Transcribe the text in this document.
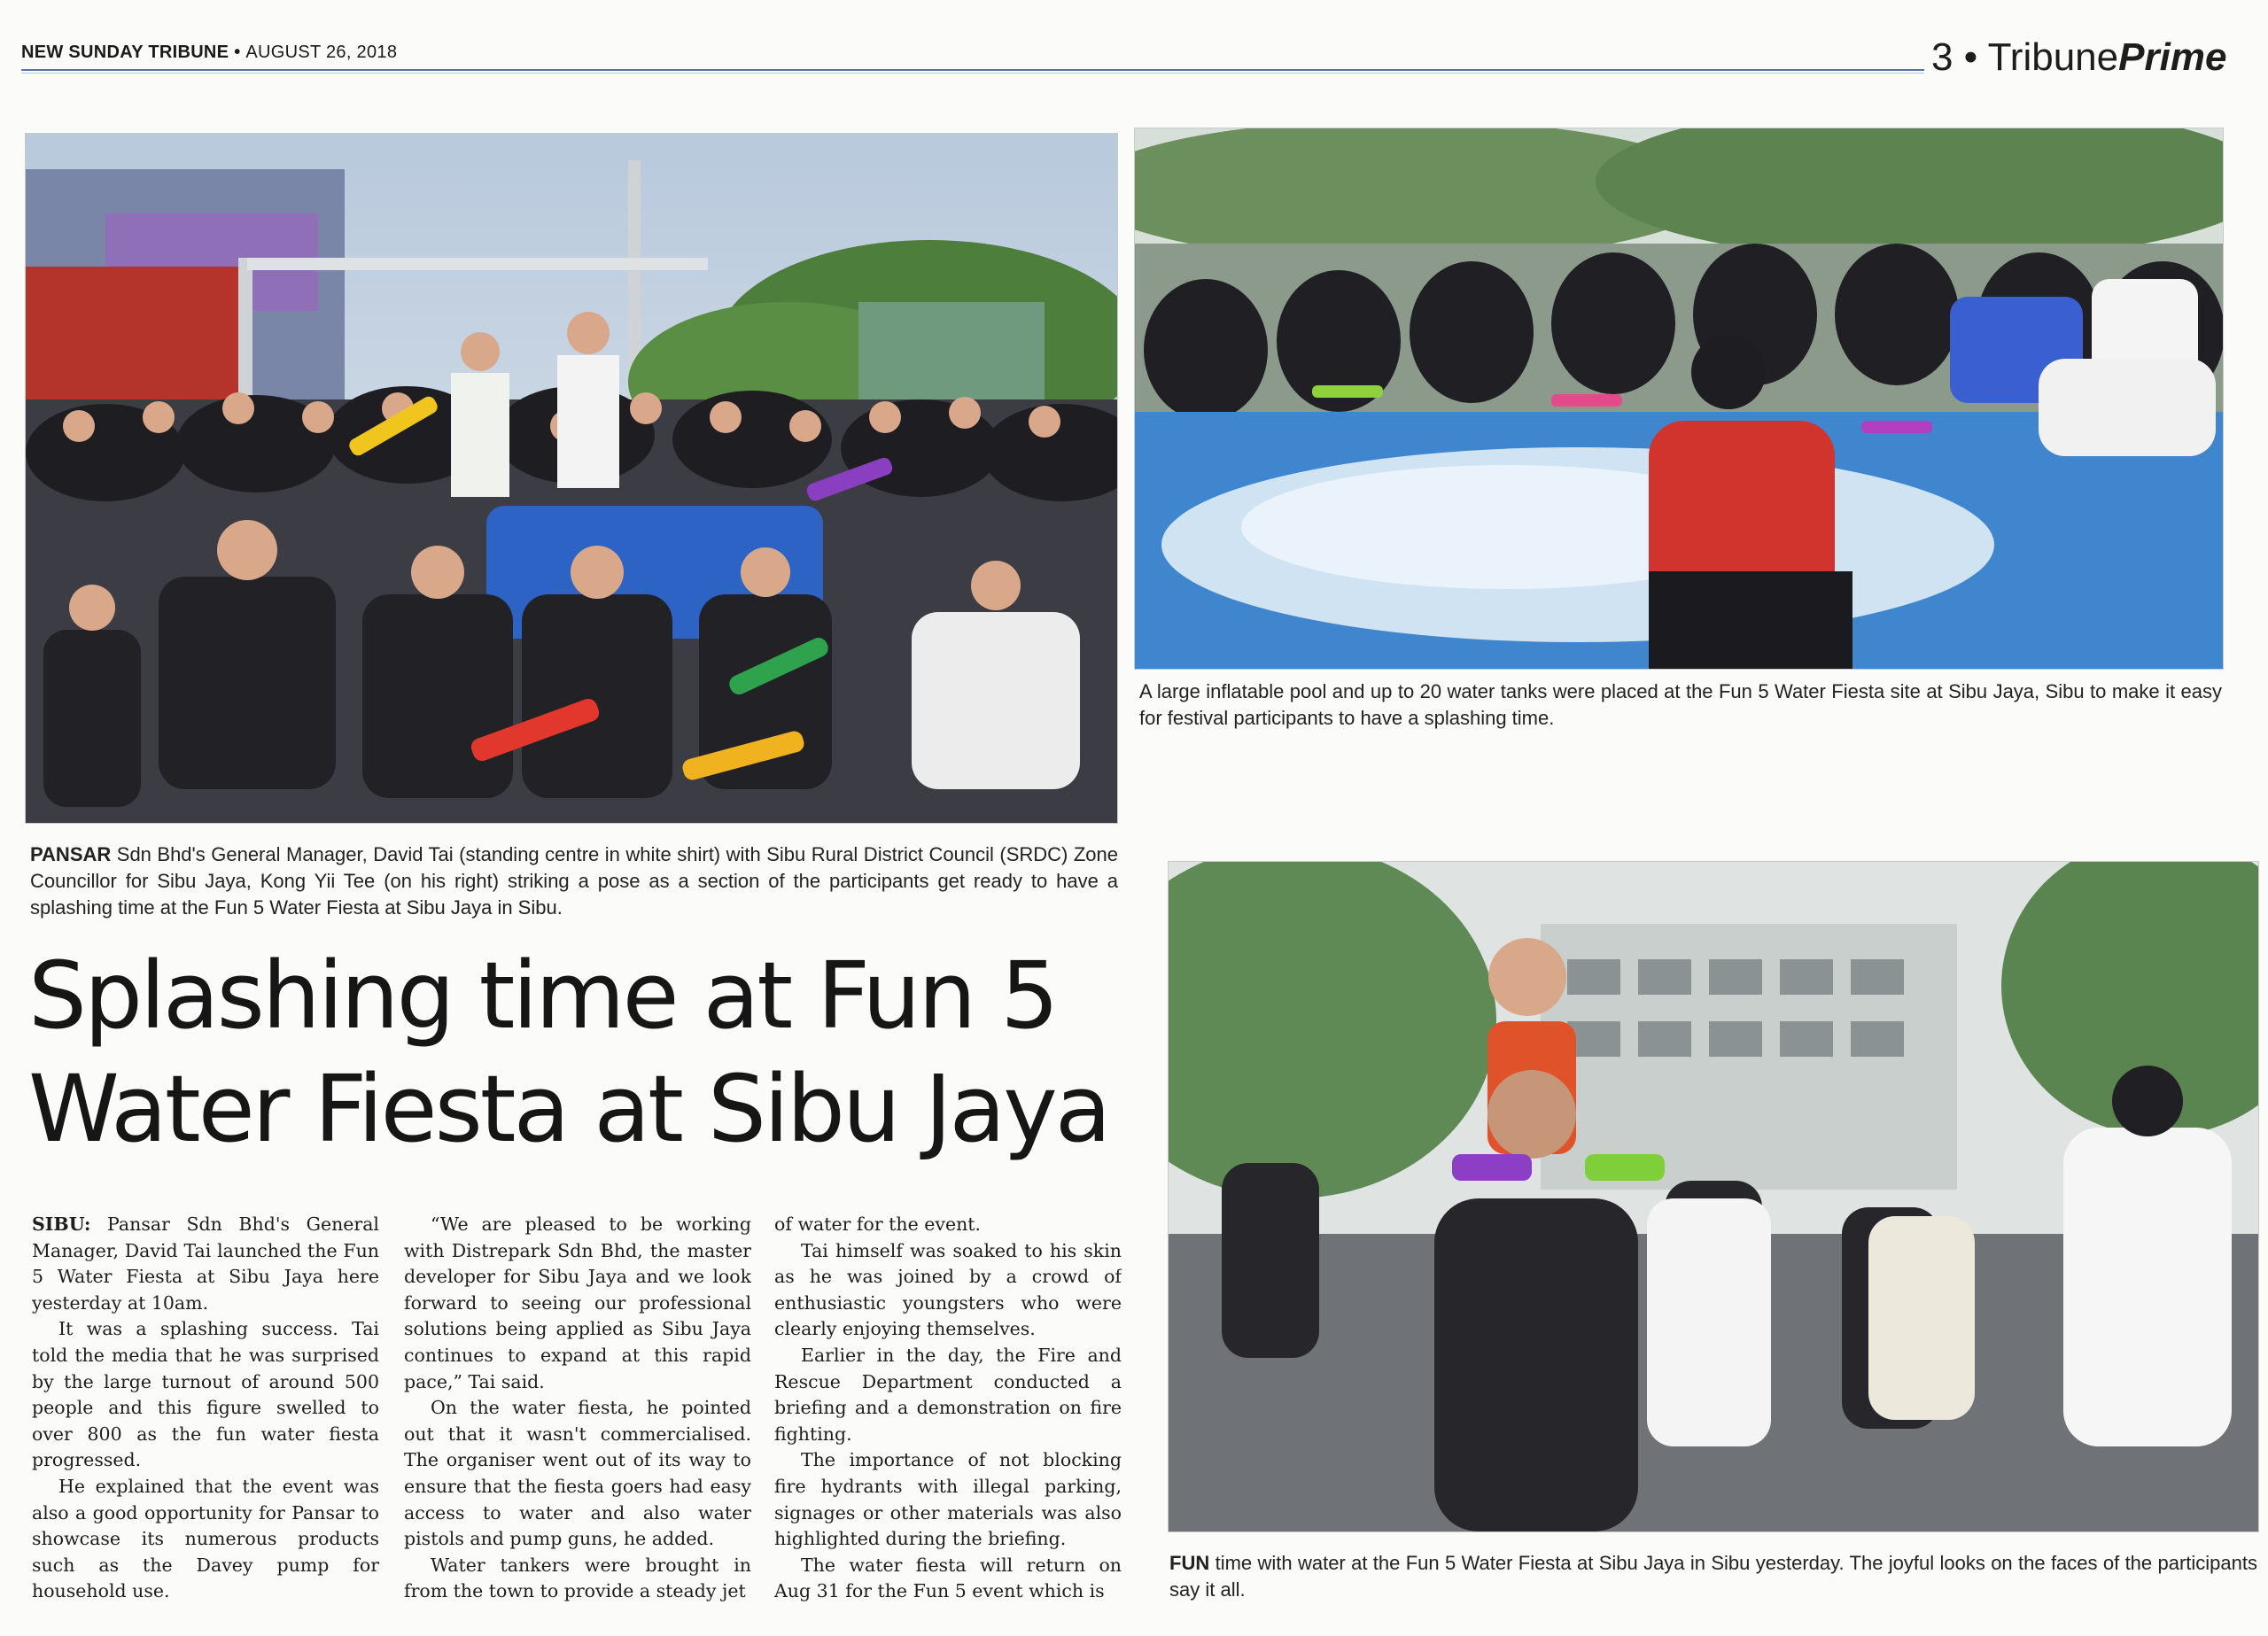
NEW SUNDAY TRIBUNE • AUGUST 26, 2018	3 • TribunePrime
PANSAR Sdn Bhd's General Manager, David Tai (standing centre in white shirt) with Sibu Rural District Council (SRDC) Zone Councillor for Sibu Jaya, Kong Yii Tee (on his right) striking a pose as a section of the participants get ready to have a splashing time at the Fun 5 Water Fiesta at Sibu Jaya in Sibu.
A large inflatable pool and up to 20 water tanks were placed at the Fun 5 Water Fiesta site at Sibu Jaya, Sibu to make it easy for festival participants to have a splashing time.
FUN time with water at the Fun 5 Water Fiesta at Sibu Jaya in Sibu yesterday. The joyful looks on the faces of the participants say it all.
Splashing time at Fun 5 Water Fiesta at Sibu Jaya

SIBU: Pansar Sdn Bhd's General Manager, David Tai launched the Fun 5 Water Fiesta at Sibu Jaya here yesterday at 10am.

It was a splashing success. Tai told the media that he was surprised by the large turnout of around 500 people and this figure swelled to over 800 as the fun water fiesta progressed.

He explained that the event was also a good opportunity for Pansar to showcase its numerous products such as the Davey pump for household use.

“We are pleased to be working with Distrepark Sdn Bhd, the master developer for Sibu Jaya and we look forward to seeing our professional solutions being applied as Sibu Jaya continues to expand at this rapid pace,” Tai said.

On the water fiesta, he pointed out that it wasn't commercialised. The organiser went out of its way to ensure that the fiesta goers had easy access to water and also water pistols and pump guns, he added.

Water tankers were brought in from the town to provide a steady jet

of water for the event.

Tai himself was soaked to his skin as he was joined by a crowd of enthusiastic youngsters who were clearly enjoying themselves.

Earlier in the day, the Fire and Rescue Department conducted a briefing and a demonstration on fire fighting.

The importance of not blocking fire hydrants with illegal parking, signages or other materials was also highlighted during the briefing.

The water fiesta will return on Aug 31 for the Fun 5 event which is
